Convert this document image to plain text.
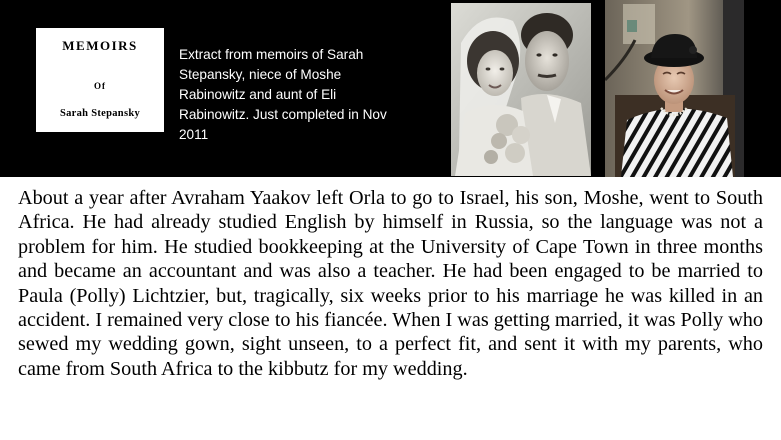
MEMOIRS
Of
Sarah Stepansky
Extract from memoirs of Sarah Stepansky, niece of Moshe Rabinowitz and aunt of Eli Rabinowitz. Just completed in Nov 2011

About a year after Avraham Yaakov left Orla to go to Israel, his son, Moshe, went to South Africa. He had already studied English by himself in Russia, so the language was not a problem for him. He studied bookkeeping at the University of Cape Town in three months and became an accountant and was also a teacher. He had been engaged to be married to Paula (Polly) Lichtzier, but, tragically, six weeks prior to his marriage he was killed in an accident. I remained very close to his fiancée. When I was getting married, it was Polly who sewed my wedding gown, sight unseen, to a perfect fit, and sent it with my parents, who came from South Africa to the kibbutz for my wedding.
